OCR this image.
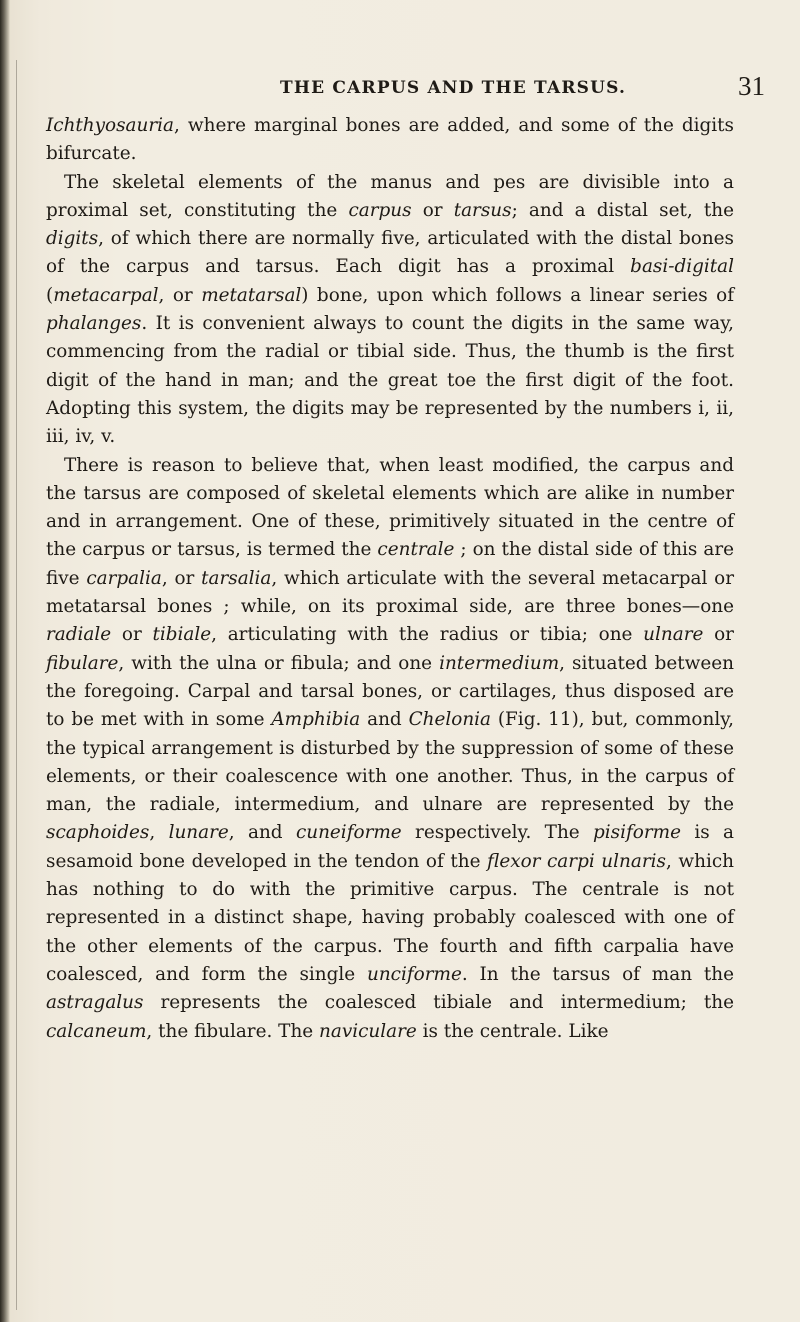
THE CARPUS AND THE TARSUS.	31

Ichthyosauria, where marginal bones are added, and some of the digits bifurcate.

The skeletal elements of the manus and pes are divisible into a proximal set, constituting the carpus or tarsus; and a distal set, the digits, of which there are normally five, articulated with the distal bones of the carpus and tarsus. Each digit has a proximal basi-digital (metacarpal, or metatarsal) bone, upon which follows a linear series of phalanges. It is convenient always to count the digits in the same way, commencing from the radial or tibial side. Thus, the thumb is the first digit of the hand in man; and the great toe the first digit of the foot. Adopting this system, the digits may be represented by the numbers i, ii, iii, iv, v.

There is reason to believe that, when least modified, the carpus and the tarsus are composed of skeletal elements which are alike in number and in arrangement. One of these, primitively situated in the centre of the carpus or tarsus, is termed the centrale ; on the distal side of this are five carpalia, or tarsalia, which articulate with the several metacarpal or metatarsal bones ; while, on its proximal side, are three bones—one radiale or tibiale, articulating with the radius or tibia; one ulnare or fibulare, with the ulna or fibula; and one intermedium, situated between the foregoing. Carpal and tarsal bones, or cartilages, thus disposed are to be met with in some Amphibia and Chelonia (Fig. 11), but, commonly, the typical arrangement is disturbed by the suppression of some of these elements, or their coalescence with one another. Thus, in the carpus of man, the radiale, intermedium, and ulnare are represented by the scaphoides, lunare, and cuneiforme respectively. The pisiforme is a sesamoid bone developed in the tendon of the flexor carpi ulnaris, which has nothing to do with the primitive carpus. The centrale is not represented in a distinct shape, having probably coalesced with one of the other elements of the carpus. The fourth and fifth carpalia have coalesced, and form the single unciforme. In the tarsus of man the astragalus represents the coalesced tibiale and intermedium; the calcaneum, the fibulare. The naviculare is the centrale. Like
